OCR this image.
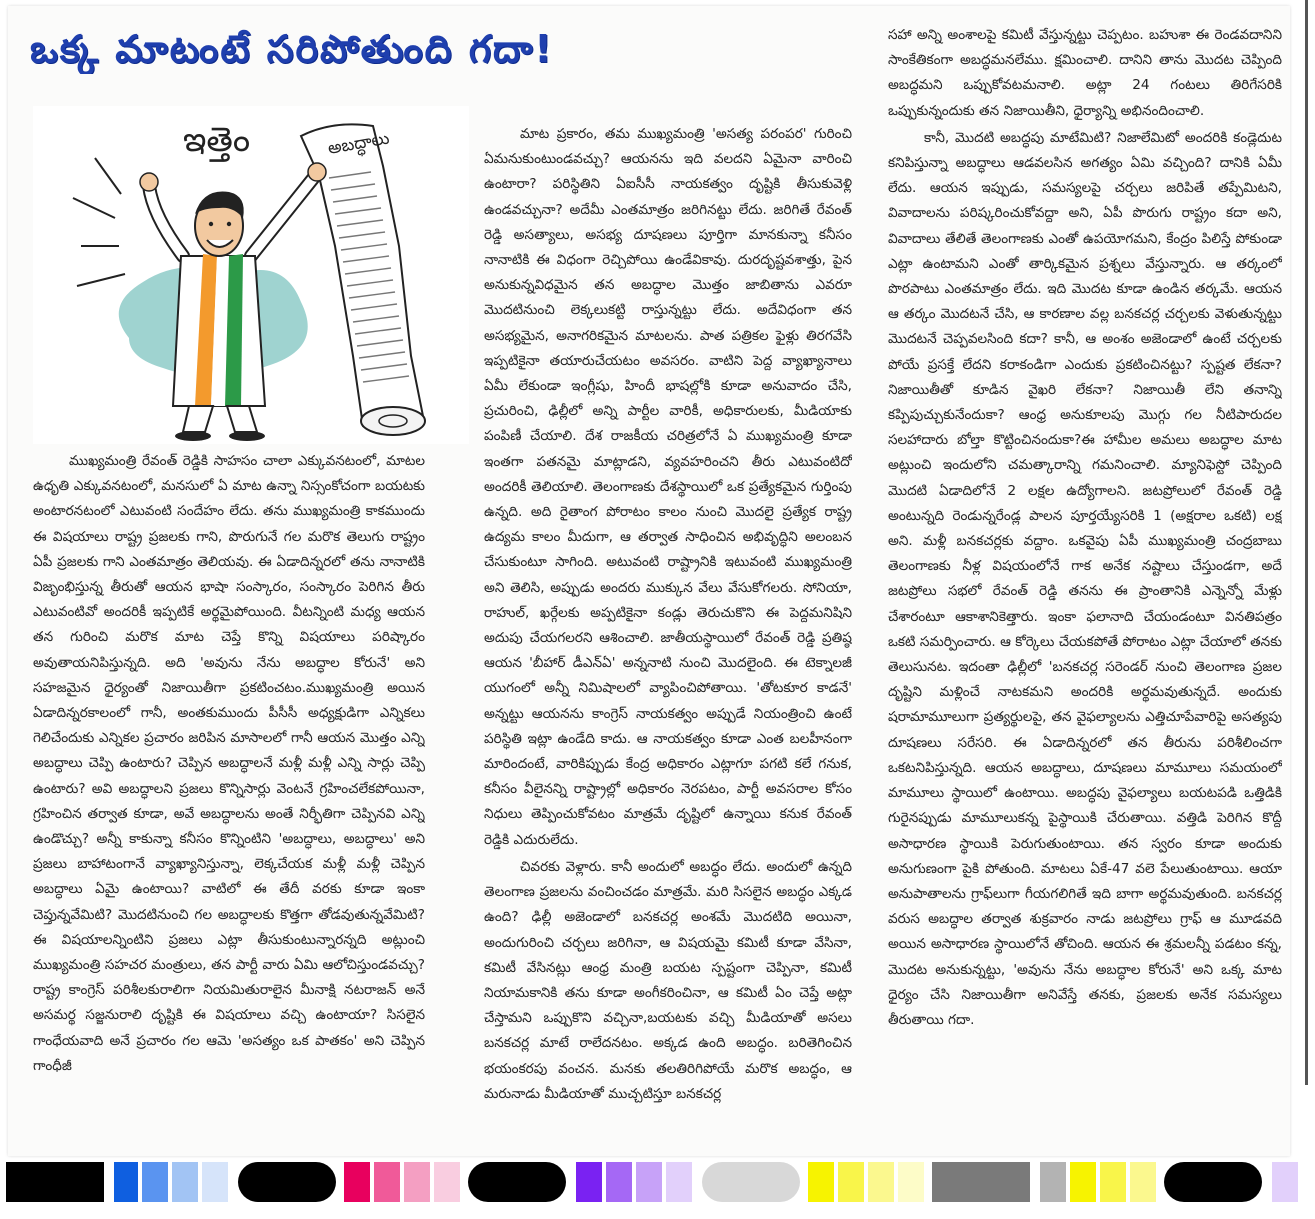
ఒక్క మాటంటే సరిపోతుంది గదా!
ఇత్తెం	అబద్ధాలు

ముఖ్యమంత్రి రేవంత్‌ రెడ్డికి సాహసం చాలా ఎక్కువనటంలో, మాటల ఉధృతి ఎక్కువనటంలో, మనసులో ఏ మాట ఉన్నా నిస్సంకోచంగా బయటకు అంటారనటంలో ఎటువంటి సందేహం లేదు. తను ముఖ్యమంత్రి కాకముందు ఈ విషయాలు రాష్ట్ర ప్రజలకు గాని, పొరుగునే గల మరొక తెలుగు రాష్ట్రం ఏపీ ప్రజలకు గాని ఎంతమాత్రం తెలియవు. ఈ ఏడాదిన్నరలో తను నానాటికి విజృంభిస్తున్న తీరుతో ఆయన భాషా సంస్కారం, సంస్కారం పెరిగిన తీరు ఎటువంటివో అందరికీ ఇప్పటికే అర్థమైపోయింది. వీటన్నింటి మధ్య ఆయన తన గురించి మరొక మాట చెప్తే కొన్ని విషయాలు పరిష్కారం అవుతాయనిపిస్తున్నది. అది 'అవును నేను అబద్ధాల కోరునే' అని సహజమైన ధైర్యంతో నిజాయితీగా ప్రకటించటం.ముఖ్యమంత్రి అయిన ఏడాదిన్నరకాలంలో గానీ, అంతకుముందు పీసీసీ అధ్యక్షుడిగా ఎన్నికలు గెలిచేందుకు ఎన్నికల ప్రచారం జరిపిన మాసాలలో గానీ ఆయన మొత్తం ఎన్ని అబద్ధాలు చెప్పి ఉంటారు? చెప్పిన అబద్ధాలనే మళ్లీ మళ్లీ ఎన్ని సార్లు చెప్పి ఉంటారు? అవి అబద్ధాలని ప్రజలు కొన్నిసార్లు వెంటనే గ్రహించలేకపోయినా, గ్రహించిన తర్వాత కూడా, అవే అబద్ధాలను అంతే నిర్భీతిగా చెప్పినవి ఎన్ని ఉండొచ్చు? అన్నీ కాకున్నా కనీసం కొన్నింటిని 'అబద్ధాలు, అబద్ధాలు' అని ప్రజలు బాహాటంగానే వ్యాఖ్యానిస్తున్నా, లెక్కచేయక మళ్లీ మళ్లీ చెప్పిన అబద్ధాలు ఏమై ఉంటాయి? వాటిలో ఈ తేదీ వరకు కూడా ఇంకా చెప్తున్నవేమిటి? మొదటినుంచి గల అబద్ధాలకు కొత్తగా తోడవుతున్నవేమిటి? ఈ విషయాలన్నింటిని ప్రజలు ఎట్లా తీసుకుంటున్నారన్నది అట్లుంచి ముఖ్యమంత్రి సహచర మంత్రులు, తన పార్టీ వారు ఏమి ఆలోచిస్తుండవచ్చు? రాష్ట్ర కాంగ్రెస్‌ పరిశీలకురాలిగా నియమితురాలైన మీనాక్షి నటరాజన్‌ అనే అసమర్థ సజ్జనురాలి దృష్టికి ఈ విషయాలు వచ్చి ఉంటాయా? సిసలైన గాంధేయవాది అనే ప్రచారం గల ఆమె 'అసత్యం ఒక పాతకం' అని చెప్పిన గాంధీజీ

మాట ప్రకారం, తమ ముఖ్యమంత్రి 'అసత్య పరంపర' గురించి ఏమనుకుంటుండవచ్చు? ఆయనను ఇది వలదని ఏమైనా వారించి ఉంటారా? పరిస్థితిని ఏఐసీసీ నాయకత్వం దృష్టికి తీసుకువెళ్లి ఉండవచ్చునా? అదేమీ ఎంతమాత్రం జరిగినట్టు లేదు. జరిగితే రేవంత్‌ రెడ్డి అసత్యాలు, అసభ్య దూషణలు పూర్తిగా మానకున్నా కనీసం నానాటికి ఈ విధంగా రెచ్చిపోయి ఉండేవికావు. దురదృష్టవశాత్తు, పైన అనుకున్నవిధమైన తన అబద్ధాల మొత్తం జాబితాను ఎవరూ మొదటినుంచి లెక్కలుకట్టి రాస్తున్నట్టు లేదు. అదేవిధంగా తన అసభ్యమైన, అనాగరికమైన మాటలను. పాత పత్రికల ఫైళ్లు తిరగవేసి ఇప్పటికైనా తయారుచేయటం అవసరం. వాటిని పెద్ద వ్యాఖ్యానాలు ఏమీ లేకుండా ఇంగ్లీషు, హిందీ భాషల్లోకి కూడా అనువాదం చేసి, ప్రచురించి, ఢిల్లీలో అన్ని పార్టీల వారికీ, అధికారులకు, మీడియాకు పంపిణీ చేయాలి. దేశ రాజకీయ చరిత్రలోనే ఏ ముఖ్యమంత్రి కూడా ఇంతగా పతనమై మాట్లాడని, వ్యవహరించని తీరు ఎటువంటిదో అందరికీ తెలియాలి. తెలంగాణకు దేశస్థాయిలో ఒక ప్రత్యేకమైన గుర్తింపు ఉన్నది. అది రైతాంగ పోరాటం కాలం నుంచి మొదలై ప్రత్యేక రాష్ట్ర ఉద్యమ కాలం మీదుగా, ఆ తర్వాత సాధించిన అభివృద్ధిని అలంబన చేసుకుంటూ సాగింది. అటువంటి రాష్ట్రానికి ఇటువంటి ముఖ్యమంత్రి అని తెలిసి, అప్పుడు అందరు ముక్కున వేలు వేసుకోగలరు. సోనియా, రాహుల్‌, ఖర్గేలకు అప్పటికైనా కండ్లు తెరుచుకొని ఈ పెద్దమనిషిని అదుపు చేయగలరని ఆశించాలి. జాతీయస్థాయిలో రేవంత్‌ రెడ్డి ప్రతిష్ఠ ఆయన 'బీహార్‌ డీఎన్‌ఏ' అన్ననాటి నుంచి మొదలైంది. ఈ టెక్నాలజీ యుగంలో అన్నీ నిమిషాలలో వ్యాపించిపోతాయి. 'తోటకూర కాడనే' అన్నట్టు ఆయనను కాంగ్రెస్‌ నాయకత్వం అప్పుడే నియంత్రించి ఉంటే పరిస్థితి ఇట్లా ఉండేది కాదు. ఆ నాయకత్వం కూడా ఎంత బలహీనంగా మారిందంటే, వారికిప్పుడు కేంద్ర అధికారం ఎట్లాగూ పగటి కలే గనుక, కనీసం వీలైనన్ని రాష్ట్రాల్లో అధికారం నెరపటం, పార్టీ అవసరాల కోసం నిధులు తెప్పించుకోవటం మాత్రమే దృష్టిలో ఉన్నాయి కనుక రేవంత్‌ రెడ్డికి ఎదురులేదు.

చివరకు వెళ్లారు. కానీ అందులో అబద్ధం లేదు. అందులో ఉన్నది తెలంగాణ ప్రజలను వంచించడం మాత్రమే. మరి సిసలైన అబద్ధం ఎక్కడ ఉంది? ఢిల్లీ అజెండాలో బనకచర్ల అంశమే మొదటిది అయినా, అందుగురించి చర్చలు జరిగినా, ఆ విషయమై కమిటీ కూడా వేసినా, కమిటీ వేసినట్లు ఆంధ్ర మంత్రి బయట స్పష్టంగా చెప్పినా, కమిటీ నియామకానికి తను కూడా అంగీకరించినా, ఆ కమిటీ ఏం చెప్తే అట్లా చేస్తామని ఒప్పుకొని వచ్చినా,బయటకు వచ్చి మీడియాతో అసలు బనకచర్ల మాటే రాలేదనటం. అక్కడ ఉంది అబద్ధం. బరితెగించిన భయంకరపు వంచన. మనకు తలతిరిగిపోయే మరొక అబద్ధం, ఆ మరునాడు మీడియాతో ముచ్చటిస్తూ బనకచర్ల

సహా అన్ని అంశాలపై కమిటీ వేస్తున్నట్టు చెప్పటం. బహుశా ఈ రెండవదానిని సాంకేతికంగా అబద్ధమనలేము. క్షమించాలి. దానిని తాను మొదట చెప్పింది అబద్ధమని ఒప్పుకోవటమనాలి. అట్లా 24 గంటలు తిరిగేసరికి ఒప్పుకున్నందుకు తన నిజాయితీని, ధైర్యాన్ని అభినందించాలి.

కానీ, మొదటి అబద్ధపు మాటేమిటి? నిజాలేమిటో అందరికి కండ్లెదుట కనిపిస్తున్నా అబద్ధాలు ఆడవలసిన అగత్యం ఏమి వచ్చింది? దానికి ఏమీ లేదు. ఆయన ఇప్పుడు, సమస్యలపై చర్చలు జరిపితే తప్పేమిటని, వివాదాలను పరిష్కరించుకోవద్దా అని, ఏపీ పొరుగు రాష్ట్రం కదా అని, వివాదాలు తేలితే తెలంగాణకు ఎంతో ఉపయోగమని, కేంద్రం పిలిస్తే పోకుండా ఎట్లా ఉంటామని ఎంతో తార్కికమైన ప్రశ్నలు వేస్తున్నారు. ఆ తర్కంలో పొరపాటు ఎంతమాత్రం లేదు. ఇది మొదట కూడా ఉండిన తర్కమే. ఆయన ఆ తర్కం మొదటనే చేసి, ఆ కారణాల వల్ల బనకచర్ల చర్చలకు వెళుతున్నట్టు మొదటనే చెప్పవలసింది కదా? కానీ, ఆ అంశం అజెండాలో ఉంటే చర్చలకు పోయే ప్రసక్తే లేదని కరాకండిగా ఎందుకు ప్రకటించినట్టు? స్పష్టత లేకనా? నిజాయితీతో కూడిన వైఖరి లేకనా? నిజాయితీ లేని తనాన్ని కప్పిపుచ్చుకునేందుకా? ఆంధ్ర అనుకూలపు మొగ్గు గల నీటిపారుదల సలహాదారు బోల్తా కొట్టించినందుకా?ఈ హామీల అమలు అబద్ధాల మాట అట్లుంచి ఇందులోని చమత్కారాన్ని గమనించాలి. మ్యానిఫెస్టో చెప్పింది మొదటి ఏడాదిలోనే 2 లక్షల ఉద్యోగాలని. జటప్రోలులో రేవంత్‌ రెడ్డి అంటున్నది రెండున్నరేండ్ల పాలన పూర్తయ్యేసరికి 1 (అక్షరాల ఒకటి) లక్ష అని. మళ్లీ బనకచర్లకు వద్దాం. ఒకవైపు ఏపీ ముఖ్యమంత్రి చంద్రబాబు తెలంగాణకు నీళ్ల విషయంలోనే గాక అనేక నష్టాలు చేస్తుండగా, అదే జటప్రోలు సభలో రేవంత్‌ రెడ్డి తనను ఈ ప్రాంతానికి ఎన్నెన్నో మేళ్లు చేశారంటూ ఆకాశానికెత్తారు. ఇంకా ఫలానాది చేయండంటూ వినతిపత్రం ఒకటి సమర్పించారు. ఆ కోర్కెలు చేయకపోతే పోరాటం ఎట్లా చేయాలో తనకు తెలుసునట. ఇదంతా ఢిల్లీలో 'బనకచర్ల సరెండర్‌ నుంచి తెలంగాణ ప్రజల దృష్టిని మళ్లించే నాటకమని అందరికి అర్థమవుతున్నదే. అందుకు షరామామూలుగా ప్రత్యర్థులపై, తన వైఫల్యాలను ఎత్తిచూపేవారిపై అసత్యపు దూషణలు సరేసరి. ఈ ఏడాదిన్నరలో తన తీరును పరిశీలించగా ఒకటనిపిస్తున్నది. ఆయన అబద్ధాలు, దూషణలు మామూలు సమయంలో మామూలు స్థాయిలో ఉంటాయి. అబద్ధపు వైఫల్యాలు బయటపడి ఒత్తిడికి గురైనప్పుడు మామూలుకన్న పైస్థాయికి చేరుతాయి. వత్తిడి పెరిగిన కొద్దీ అసాధారణ స్థాయికి పెరుగుతుంటాయి. తన స్వరం కూడా అందుకు అనుగుణంగా పైకి పోతుంది. మాటలు ఏకే-47 వలె పేలుతుంటాయి. ఆయా అనుపాతాలను గ్రాఫ్‌లుగా గీయగలిగితే ఇది బాగా అర్థమవుతుంది. బనకచర్ల వరుస అబద్ధాల తర్వాత శుక్రవారం నాడు జటప్రోలు గ్రాఫ్‌ ఆ మూడవది అయిన అసాధారణ స్థాయిలోనే తోచింది. ఆయన ఈ శ్రమలన్నీ పడటం కన్న, మొదట అనుకున్నట్టు, 'అవును నేను అబద్ధాల కోరునే' అని ఒక్క మాట ధైర్యం చేసి నిజాయితీగా అనివేస్తే తనకు, ప్రజలకు అనేక సమస్యలు తీరుతాయి గదా.
